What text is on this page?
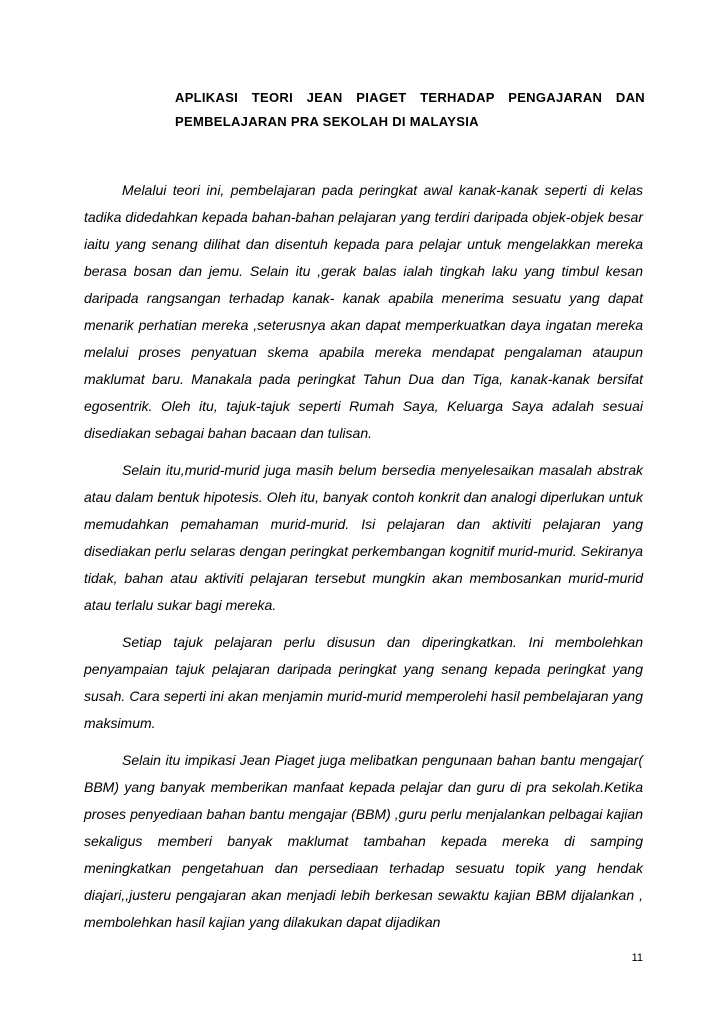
APLIKASI TEORI JEAN PIAGET TERHADAP PENGAJARAN DAN
PEMBELAJARAN PRA SEKOLAH DI MALAYSIA

Melalui teori ini, pembelajaran pada peringkat awal kanak-kanak seperti di kelas tadika didedahkan kepada bahan-bahan pelajaran yang terdiri daripada objek-objek besar iaitu yang senang dilihat dan disentuh kepada para pelajar untuk mengelakkan mereka berasa bosan dan jemu. Selain itu ,gerak balas ialah tingkah laku yang timbul kesan daripada rangsangan terhadap kanak- kanak apabila menerima sesuatu yang dapat menarik perhatian mereka ,seterusnya akan dapat memperkuatkan daya ingatan mereka melalui proses penyatuan skema apabila mereka mendapat pengalaman ataupun maklumat baru. Manakala pada peringkat Tahun Dua dan Tiga, kanak-kanak bersifat egosentrik. Oleh itu, tajuk-tajuk seperti Rumah Saya, Keluarga Saya adalah sesuai disediakan sebagai bahan bacaan dan tulisan.

Selain itu,murid-murid juga masih belum bersedia menyelesaikan masalah abstrak atau dalam bentuk hipotesis. Oleh itu, banyak contoh konkrit dan analogi diperlukan untuk memudahkan pemahaman murid-murid. Isi pelajaran dan aktiviti pelajaran yang disediakan perlu selaras dengan peringkat perkembangan kognitif murid-murid. Sekiranya tidak, bahan atau aktiviti pelajaran tersebut mungkin akan membosankan murid-murid atau terlalu sukar bagi mereka.

Setiap tajuk pelajaran perlu disusun dan diperingkatkan. Ini membolehkan penyampaian tajuk pelajaran daripada peringkat yang senang kepada peringkat yang susah. Cara seperti ini akan menjamin murid-murid memperolehi hasil pembelajaran yang maksimum.

Selain itu impikasi Jean Piaget juga melibatkan pengunaan bahan bantu mengajar( BBM) yang banyak memberikan manfaat kepada pelajar dan guru di pra sekolah.Ketika proses penyediaan bahan bantu mengajar (BBM) ,guru perlu menjalankan pelbagai kajian sekaligus memberi banyak maklumat tambahan kepada mereka di samping meningkatkan pengetahuan dan persediaan terhadap sesuatu topik yang hendak diajari,,justeru pengajaran akan menjadi lebih berkesan sewaktu kajian BBM dijalankan , membolehkan hasil kajian yang dilakukan dapat dijadikan

11
